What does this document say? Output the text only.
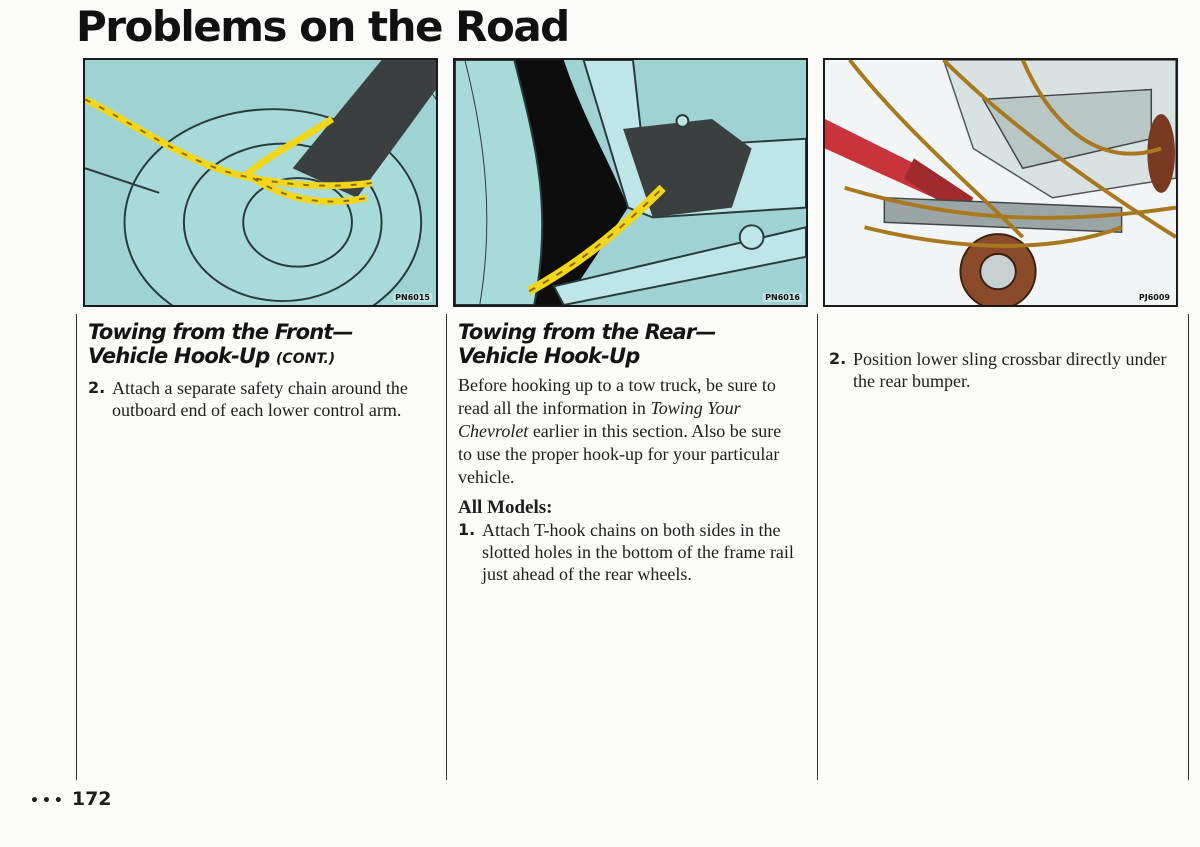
Problems on the Road
PN6015	PN6016	PJ6009
Towing from the Front—
Vehicle Hook-Up (CONT.)
2. Attach a separate safety chain around the outboard end of each lower control arm.
Towing from the Rear—
Vehicle Hook-Up

Before hooking up to a tow truck, be sure to read all the information in Towing Your Chevrolet earlier in this section. Also be sure to use the proper hook-up for your particular vehicle.

All Models:

1. Attach T-hook chains on both sides in the slotted holes in the bottom of the frame rail just ahead of the rear wheels.
2. Position lower sling crossbar directly under the rear bumper.
••• 172
